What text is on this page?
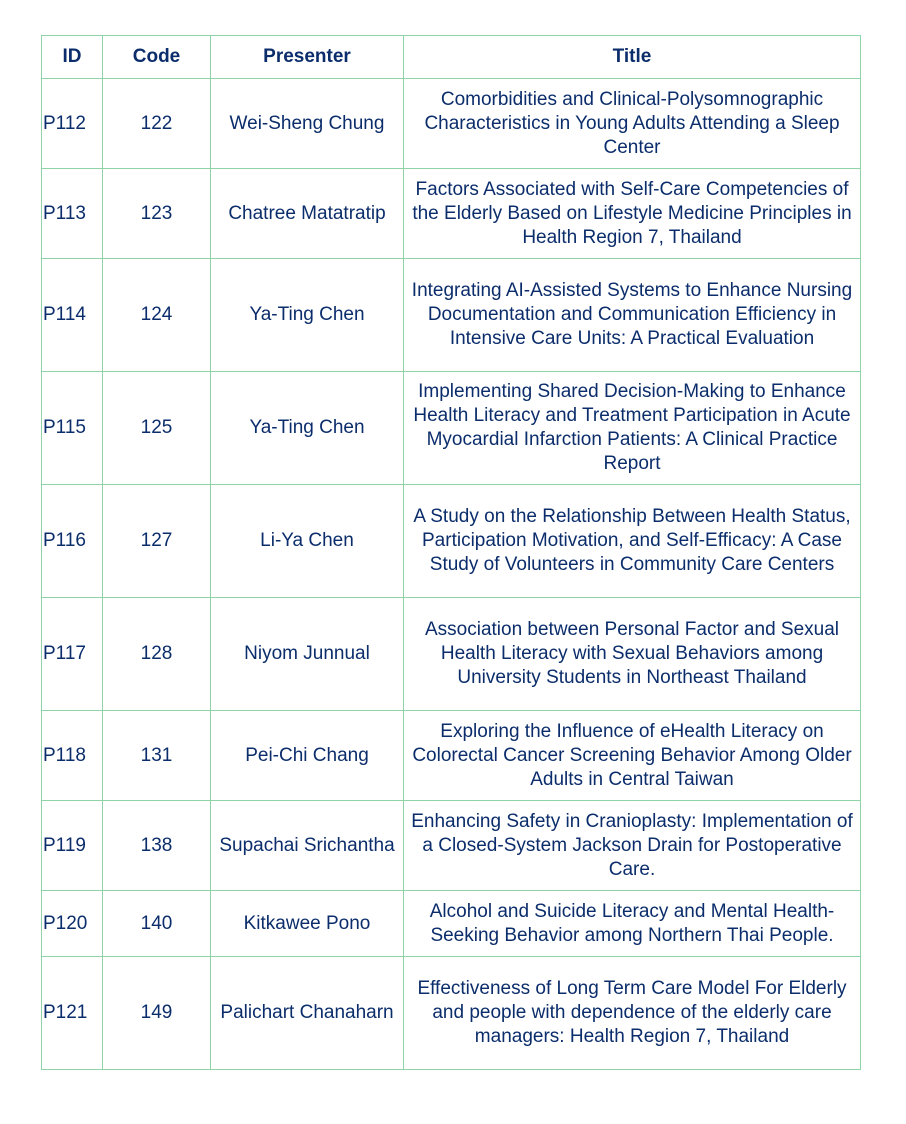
ID	Code	Presenter	Title
P112	122	Wei-Sheng Chung	Comorbidities and Clinical-Polysomnographic Characteristics in Young Adults Attending a Sleep Center
P113	123	Chatree Matatratip	Factors Associated with Self-Care Competencies of the Elderly Based on Lifestyle Medicine Principles in Health Region 7, Thailand
P114	124	Ya-Ting Chen	Integrating AI-Assisted Systems to Enhance Nursing Documentation and Communication Efficiency in Intensive Care Units: A Practical Evaluation
P115	125	Ya-Ting Chen	Implementing Shared Decision-Making to Enhance Health Literacy and Treatment Participation in Acute Myocardial Infarction Patients: A Clinical Practice Report
P116	127	Li-Ya Chen	A Study on the Relationship Between Health Status, Participation Motivation, and Self-Efficacy: A Case Study of Volunteers in Community Care Centers
P117	128	Niyom Junnual	Association between Personal Factor and Sexual Health Literacy with Sexual Behaviors among University Students in Northeast Thailand
P118	131	Pei-Chi Chang	Exploring the Influence of eHealth Literacy on Colorectal Cancer Screening Behavior Among Older Adults in Central Taiwan
P119	138	Supachai Srichantha	Enhancing Safety in Cranioplasty: Implementation of a Closed-System Jackson Drain for Postoperative Care.
P120	140	Kitkawee Pono	Alcohol and Suicide Literacy and Mental Health-Seeking Behavior among Northern Thai People.
P121	149	Palichart Chanaharn	Effectiveness of Long Term Care Model For Elderly and people with dependence of the elderly care managers: Health Region 7, Thailand
